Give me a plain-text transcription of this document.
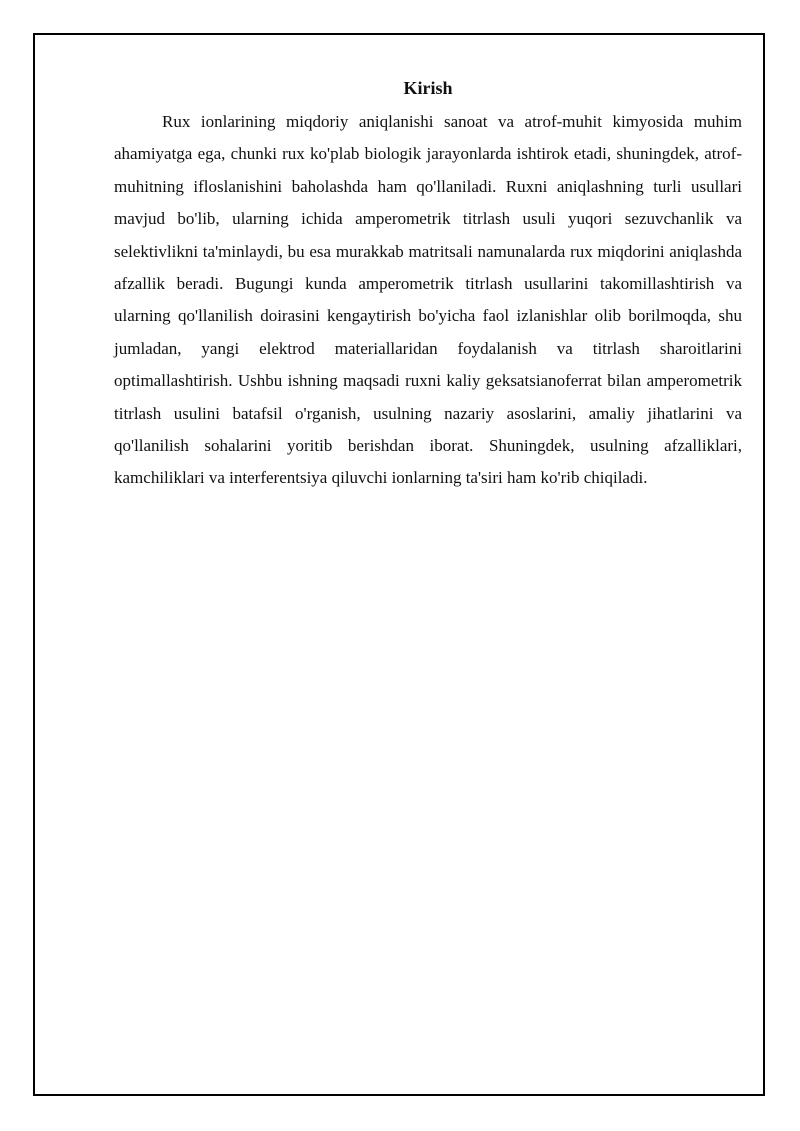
Kirish

Rux ionlarining miqdoriy aniqlanishi sanoat va atrof-muhit kimyosida muhim ahamiyatga ega, chunki rux ko'plab biologik jarayonlarda ishtirok etadi, shuningdek, atrof-muhitning ifloslanishini baholashda ham qo'llaniladi. Ruxni aniqlashning turli usullari mavjud bo'lib, ularning ichida amperometrik titrlash usuli yuqori sezuvchanlik va selektivlikni ta'minlaydi, bu esa murakkab matritsali namunalarda rux miqdorini aniqlashda afzallik beradi. Bugungi kunda amperometrik titrlash usullarini takomillashtirish va ularning qo'llanilish doirasini kengaytirish bo'yicha faol izlanishlar olib borilmoqda, shu jumladan, yangi elektrod materiallaridan foydalanish va titrlash sharoitlarini optimallashtirish. Ushbu ishning maqsadi ruxni kaliy geksatsianoferrat bilan amperometrik titrlash usulini batafsil o'rganish, usulning nazariy asoslarini, amaliy jihatlarini va qo'llanilish sohalarini yoritib berishdan iborat. Shuningdek, usulning afzalliklari, kamchiliklari va interferentsiya qiluvchi ionlarning ta'siri ham ko'rib chiqiladi.
